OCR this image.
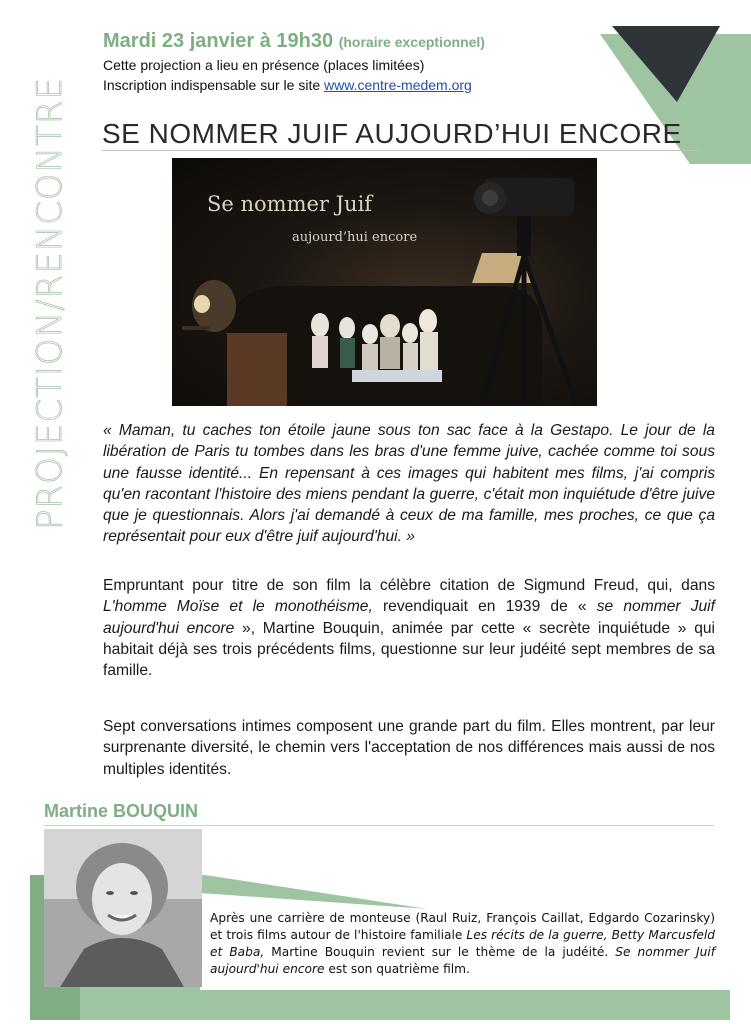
PROJECTION/RENCONTRE
Mardi 23 janvier à 19h30 (horaire exceptionnel)
Cette projection a lieu en présence (places limitées)
Inscription indispensable sur le site www.centre-medem.org
SE NOMMER JUIF AUJOURD’HUI ENCORE
Se nommer Juif
aujourd’hui encore
« Maman, tu caches ton étoile jaune sous ton sac face à la Gestapo. Le jour de la libération de Paris tu tombes dans les bras d'une femme juive, cachée comme toi sous une fausse identité... En repensant à ces images qui habitent mes films, j'ai compris qu'en racontant l'histoire des miens pendant la guerre, c'était mon inquiétude d'être juive que je questionnais. Alors j'ai demandé à ceux de ma famille, mes proches, ce que ça représentait pour eux d'être juif aujourd'hui. »
Empruntant pour titre de son film la célèbre citation de Sigmund Freud, qui, dans L'homme Moïse et le monothéisme, revendiquait en 1939 de « se nommer Juif aujourd'hui encore », Martine Bouquin, animée par cette « secrète inquiétude » qui habitait déjà ses trois précédents films, questionne sur leur judéité sept membres de sa famille.
Sept conversations intimes composent une grande part du film. Elles montrent, par leur surprenante diversité, le chemin vers l'acceptation de nos différences mais aussi de nos multiples identités.
Martine BOUQUIN
Après une carrière de monteuse (Raul Ruiz, François Caillat, Edgardo Cozarinsky) et trois films autour de l'histoire familiale Les récits de la guerre, Betty Marcusfeld et Baba, Martine Bouquin revient sur le thème de la judéité. Se nommer Juif aujourd'hui encore est son quatrième film.
